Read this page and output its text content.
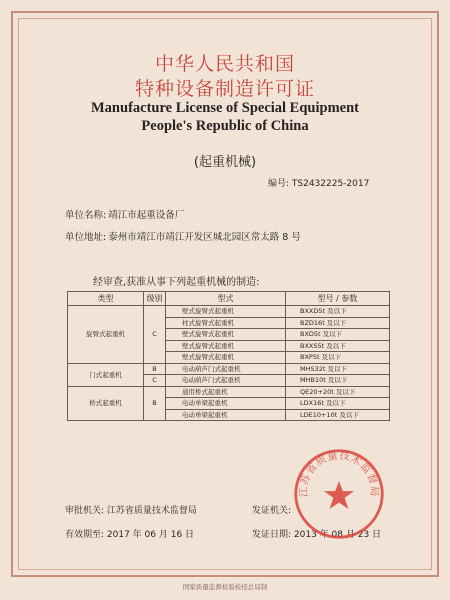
中华人民共和国
特种设备制造许可证
Manufacture License of Special Equipment
People's Republic of China
(起重机械)
编号: TS2432225-2017
单位名称: 靖江市起重设备厂
单位地址: 泰州市靖江市靖江开发区城北园区常太路 8 号
经审查,获准从事下列起重机械的制造:
类型	级别	型式	型号 / 参数
旋臂式起重机	C	壁式旋臂式起重机	BXXD5t 及以下
		柱式旋臂式起重机	BZD16t 及以下
		壁式旋臂式起重机	BXD5t 及以下
		壁式旋臂式起重机	BXXS5t 及以下
		壁式旋臂式起重机	BXP5t 及以下
门式起重机	B	电动葫芦门式起重机	MHS32t 及以下
	C	电动葫芦门式起重机	MHB10t 及以下
桥式起重机	B	通用桥式起重机	QE20+20t 及以下
		电动单梁起重机	LDX16t 及以下
		电动单梁起重机	LDE10+10t 及以下
审批机关: 江苏省质量技术监督局
有效期至: 2017 年 06 月 16 日
发证机关:
发证日期: 2013 年 08 月 23 日
江苏省质量技术监督局
国家质量监督检验检疫总局制
